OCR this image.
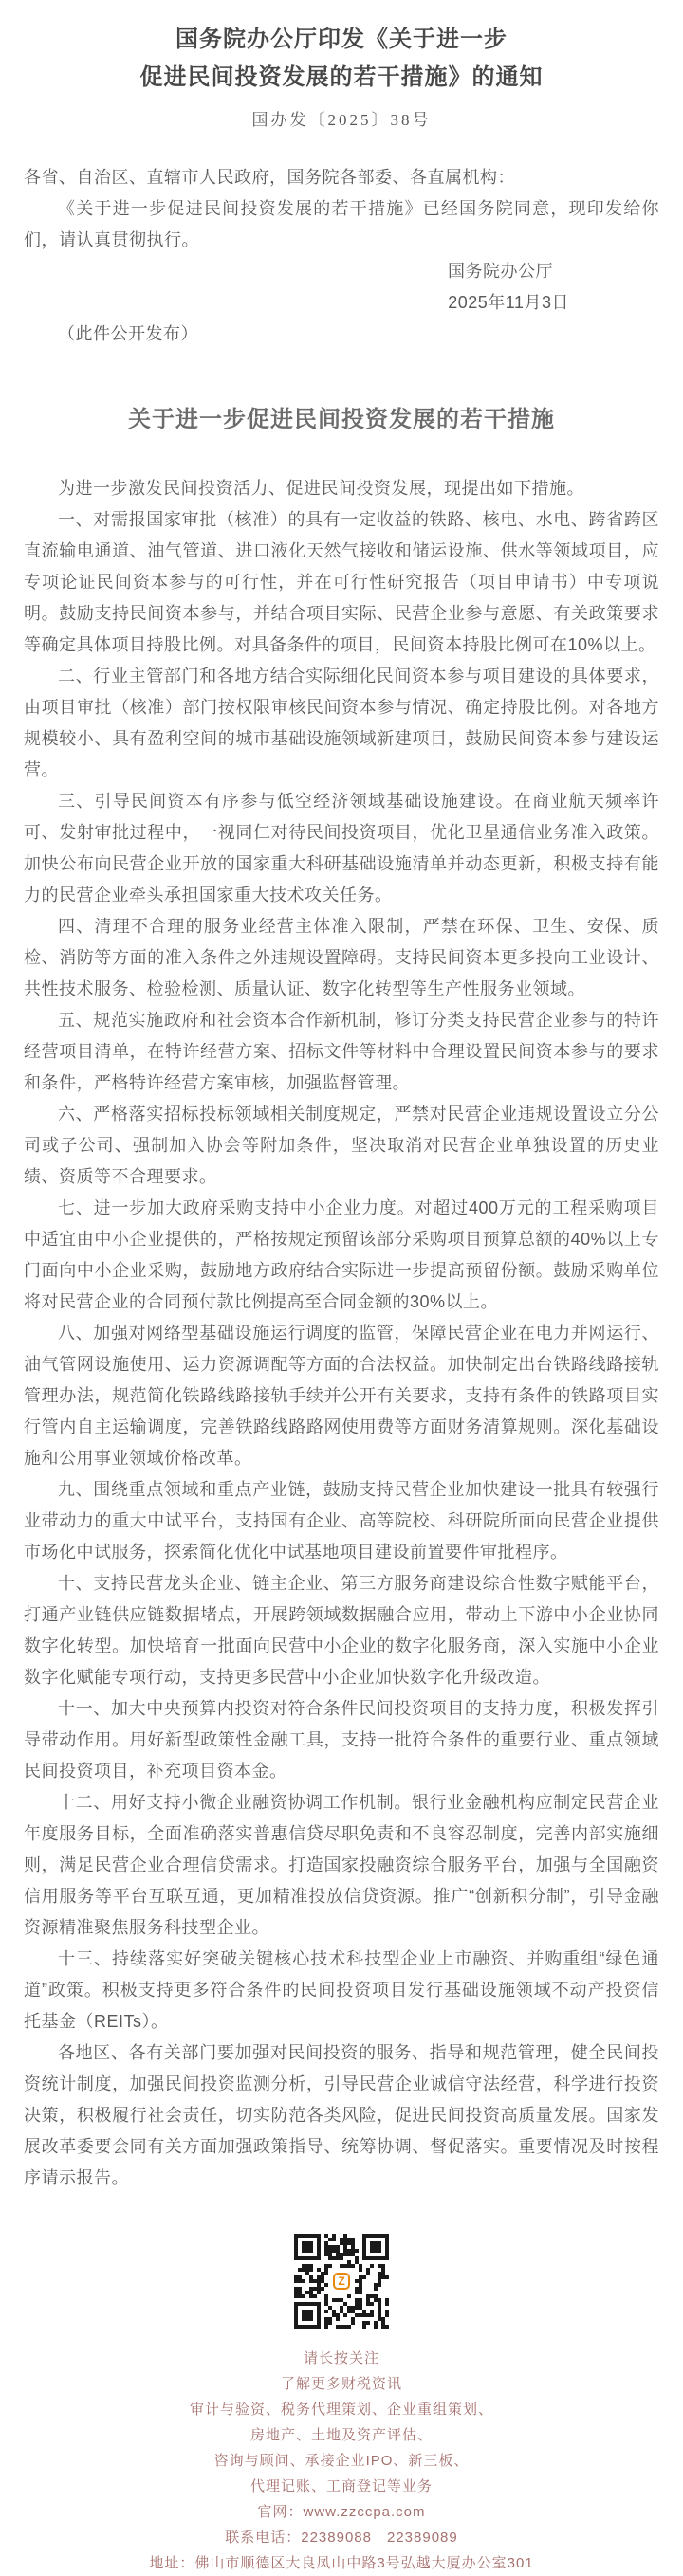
国务院办公厅印发《关于进一步
促进民间投资发展的若干措施》的通知

国办发〔2025〕38号

各省、自治区、直辖市人民政府，国务院各部委、各直属机构：

《关于进一步促进民间投资发展的若干措施》已经国务院同意，现印发给你们，请认真贯彻执行。

国务院办公厅

2025年11月3日

（此件公开发布）

关于进一步促进民间投资发展的若干措施

为进一步激发民间投资活力、促进民间投资发展，现提出如下措施。

一、对需报国家审批（核准）的具有一定收益的铁路、核电、水电、跨省跨区直流输电通道、油气管道、进口液化天然气接收和储运设施、供水等领域项目，应专项论证民间资本参与的可行性，并在可行性研究报告（项目申请书）中专项说明。鼓励支持民间资本参与，并结合项目实际、民营企业参与意愿、有关政策要求等确定具体项目持股比例。对具备条件的项目，民间资本持股比例可在10%以上。

二、行业主管部门和各地方结合实际细化民间资本参与项目建设的具体要求，由项目审批（核准）部门按权限审核民间资本参与情况、确定持股比例。对各地方规模较小、具有盈利空间的城市基础设施领域新建项目，鼓励民间资本参与建设运营。

三、引导民间资本有序参与低空经济领域基础设施建设。在商业航天频率许可、发射审批过程中，一视同仁对待民间投资项目，优化卫星通信业务准入政策。加快公布向民营企业开放的国家重大科研基础设施清单并动态更新，积极支持有能力的民营企业牵头承担国家重大技术攻关任务。

四、清理不合理的服务业经营主体准入限制，严禁在环保、卫生、安保、质检、消防等方面的准入条件之外违规设置障碍。支持民间资本更多投向工业设计、共性技术服务、检验检测、质量认证、数字化转型等生产性服务业领域。

五、规范实施政府和社会资本合作新机制，修订分类支持民营企业参与的特许经营项目清单，在特许经营方案、招标文件等材料中合理设置民间资本参与的要求和条件，严格特许经营方案审核，加强监督管理。

六、严格落实招标投标领域相关制度规定，严禁对民营企业违规设置设立分公司或子公司、强制加入协会等附加条件，坚决取消对民营企业单独设置的历史业绩、资质等不合理要求。

七、进一步加大政府采购支持中小企业力度。对超过400万元的工程采购项目中适宜由中小企业提供的，严格按规定预留该部分采购项目预算总额的40%以上专门面向中小企业采购，鼓励地方政府结合实际进一步提高预留份额。鼓励采购单位将对民营企业的合同预付款比例提高至合同金额的30%以上。

八、加强对网络型基础设施运行调度的监管，保障民营企业在电力并网运行、油气管网设施使用、运力资源调配等方面的合法权益。加快制定出台铁路线路接轨管理办法，规范简化铁路线路接轨手续并公开有关要求，支持有条件的铁路项目实行管内自主运输调度，完善铁路线路路网使用费等方面财务清算规则。深化基础设施和公用事业领域价格改革。

九、围绕重点领域和重点产业链，鼓励支持民营企业加快建设一批具有较强行业带动力的重大中试平台，支持国有企业、高等院校、科研院所面向民营企业提供市场化中试服务，探索简化优化中试基地项目建设前置要件审批程序。

十、支持民营龙头企业、链主企业、第三方服务商建设综合性数字赋能平台，打通产业链供应链数据堵点，开展跨领域数据融合应用，带动上下游中小企业协同数字化转型。加快培育一批面向民营中小企业的数字化服务商，深入实施中小企业数字化赋能专项行动，支持更多民营中小企业加快数字化升级改造。

十一、加大中央预算内投资对符合条件民间投资项目的支持力度，积极发挥引导带动作用。用好新型政策性金融工具，支持一批符合条件的重要行业、重点领域民间投资项目，补充项目资本金。

十二、用好支持小微企业融资协调工作机制。银行业金融机构应制定民营企业年度服务目标，全面准确落实普惠信贷尽职免责和不良容忍制度，完善内部实施细则，满足民营企业合理信贷需求。打造国家投融资综合服务平台，加强与全国融资信用服务等平台互联互通，更加精准投放信贷资源。推广“创新积分制”，引导金融资源精准聚焦服务科技型企业。

十三、持续落实好突破关键核心技术科技型企业上市融资、并购重组“绿色通道”政策。积极支持更多符合条件的民间投资项目发行基础设施领域不动产投资信托基金（REITs）。

各地区、各有关部门要加强对民间投资的服务、指导和规范管理，健全民间投资统计制度，加强民间投资监测分析，引导民营企业诚信守法经营，科学进行投资决策，积极履行社会责任，切实防范各类风险，促进民间投资高质量发展。国家发展改革委要会同有关方面加强政策指导、统筹协调、督促落实。重要情况及时按程序请示报告。

Z

请长按关注

了解更多财税资讯

审计与验资、税务代理策划、企业重组策划、

房地产、土地及资产评估、

咨询与顾问、承接企业IPO、新三板、

代理记账、工商登记等业务

官网：www.zzccpa.com

联系电话：22389088　22389089

地址：佛山市顺德区大良凤山中路3号弘越大厦办公室301
